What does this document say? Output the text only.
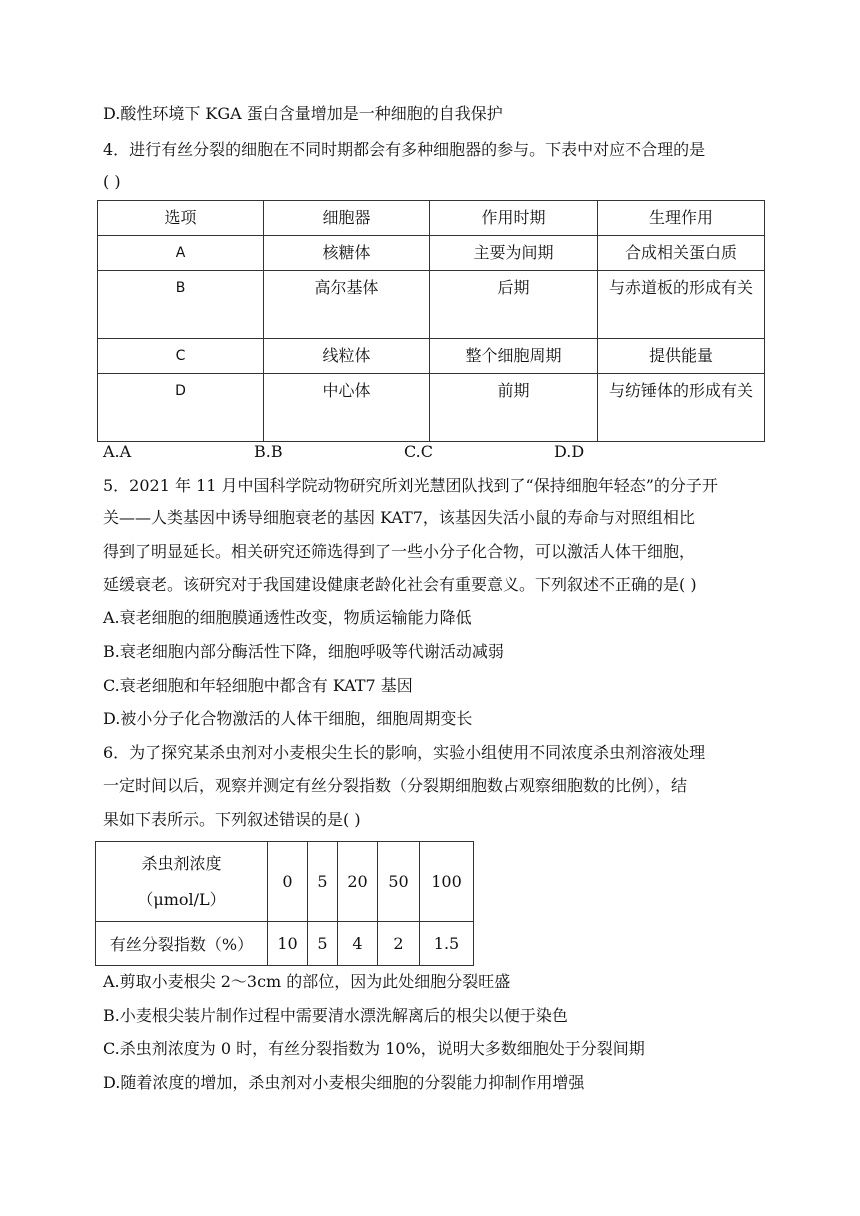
D.酸性环境下 KGA 蛋白含量增加是一种细胞的自我保护
4．进行有丝分裂的细胞在不同时期都会有多种细胞器的参与。下表中对应不合理的是
( )
选项	细胞器	作用时期	生理作用
A	核糖体	主要为间期	合成相关蛋白质
B	高尔基体	后期	与赤道板的形成有关
C	线粒体	整个细胞周期	提供能量
D	中心体	前期	与纺锤体的形成有关
A.A	B.B	C.C	D.D
5．2021 年 11 月中国科学院动物研究所刘光慧团队找到了“保持细胞年轻态”的分子开
关——人类基因中诱导细胞衰老的基因 KAT7，该基因失活小鼠的寿命与对照组相比
得到了明显延长。相关研究还筛选得到了一些小分子化合物，可以激活人体干细胞，
延缓衰老。该研究对于我国建设健康老龄化社会有重要意义。下列叙述不正确的是( )
A.衰老细胞的细胞膜通透性改变，物质运输能力降低
B.衰老细胞内部分酶活性下降，细胞呼吸等代谢活动减弱
C.衰老细胞和年轻细胞中都含有 KAT7 基因
D.被小分子化合物激活的人体干细胞，细胞周期变长
6．为了探究某杀虫剂对小麦根尖生长的影响，实验小组使用不同浓度杀虫剂溶液处理
一定时间以后，观察并测定有丝分裂指数（分裂期细胞数占观察细胞数的比例），结
果如下表所示。下列叙述错误的是( )
杀虫剂浓度
（μmol/L）	0	5	20	50	100
有丝分裂指数（%）	10	5	4	2	1.5
A.剪取小麦根尖 2～3cm 的部位，因为此处细胞分裂旺盛
B.小麦根尖装片制作过程中需要清水漂洗解离后的根尖以便于染色
C.杀虫剂浓度为 0 时，有丝分裂指数为 10%，说明大多数细胞处于分裂间期
D.随着浓度的增加，杀虫剂对小麦根尖细胞的分裂能力抑制作用增强
